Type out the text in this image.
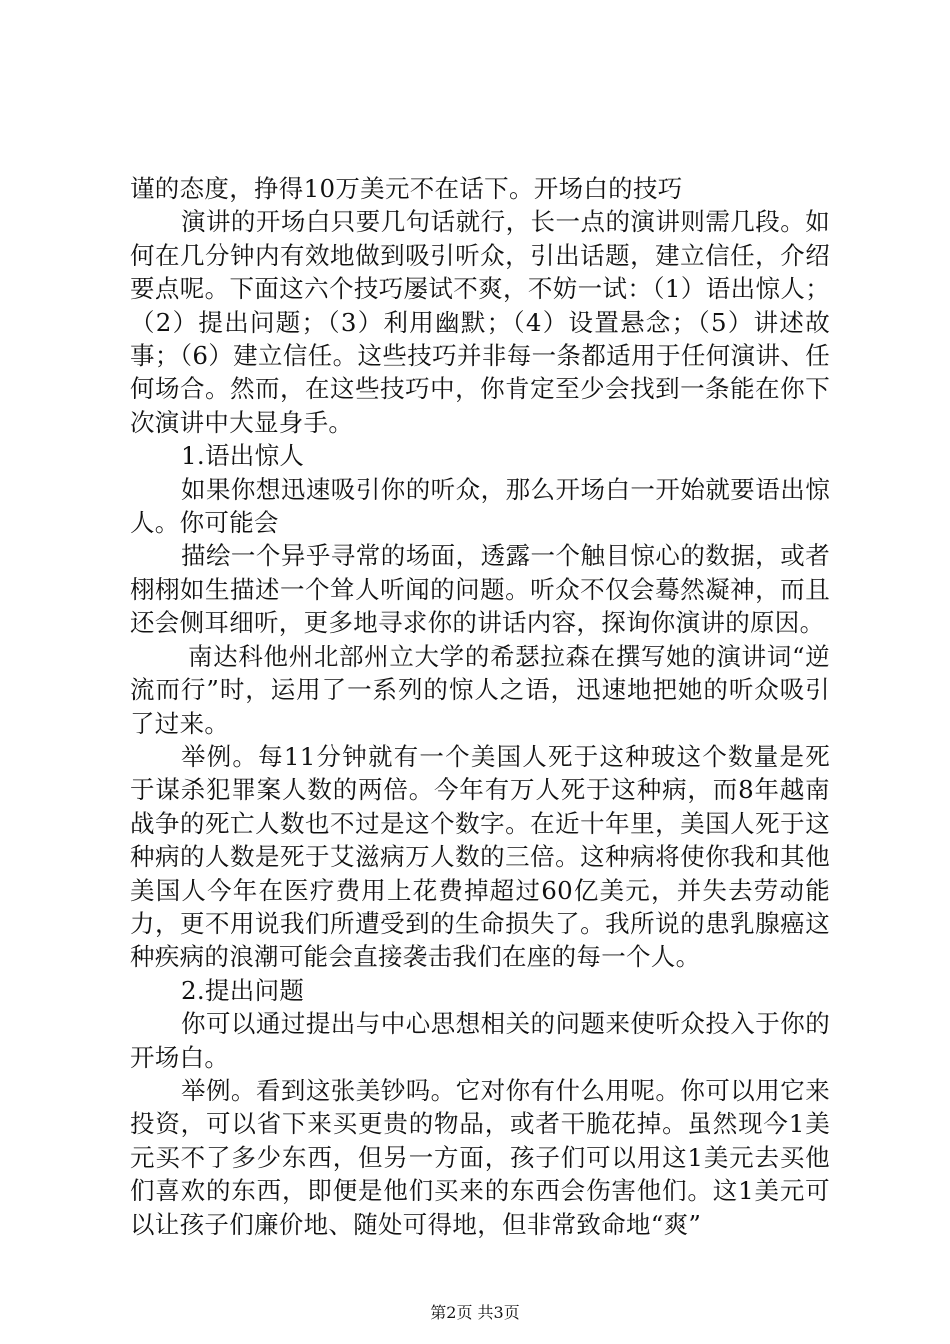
谨的态度，挣得10万美元不在话下。开场白的技巧

演讲的开场白只要几句话就行，长一点的演讲则需几段。如何在几分钟内有效地做到吸引听众，引出话题，建立信任，介绍要点呢。下面这六个技巧屡试不爽，不妨一试：（1）语出惊人；（2）提出问题；（3）利用幽默；（4）设置悬念；（5）讲述故事；（6）建立信任。这些技巧并非每一条都适用于任何演讲、任何场合。然而，在这些技巧中，你肯定至少会找到一条能在你下次演讲中大显身手。

1.语出惊人

如果你想迅速吸引你的听众，那么开场白一开始就要语出惊人。你可能会

描绘一个异乎寻常的场面，透露一个触目惊心的数据，或者栩栩如生描述一个耸人听闻的问题。听众不仅会蓦然凝神，而且还会侧耳细听，更多地寻求你的讲话内容，探询你演讲的原因。

南达科他州北部州立大学的希瑟拉森在撰写她的演讲词“逆流而行”时，运用了一系列的惊人之语，迅速地把她的听众吸引了过来。

举例。每11分钟就有一个美国人死于这种玻这个数量是死于谋杀犯罪案人数的两倍。今年有万人死于这种病，而8年越南战争的死亡人数也不过是这个数字。在近十年里，美国人死于这种病的人数是死于艾滋病万人数的三倍。这种病将使你我和其他美国人今年在医疗费用上花费掉超过60亿美元，并失去劳动能力，更不用说我们所遭受到的生命损失了。我所说的患乳腺癌这种疾病的浪潮可能会直接袭击我们在座的每一个人。

2.提出问题

你可以通过提出与中心思想相关的问题来使听众投入于你的开场白。

举例。看到这张美钞吗。它对你有什么用呢。你可以用它来投资，可以省下来买更贵的物品，或者干脆花掉。虽然现今1美元买不了多少东西，但另一方面，孩子们可以用这1美元去买他们喜欢的东西，即便是他们买来的东西会伤害他们。这1美元可以让孩子们廉价地、随处可得地，但非常致命地“爽”

第2页 共3页
